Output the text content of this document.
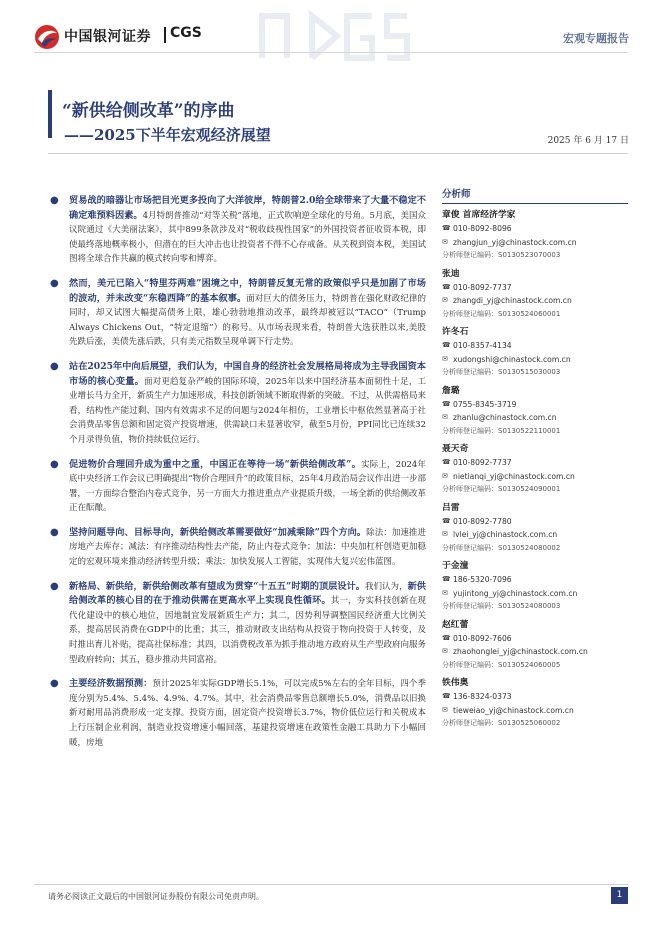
中国银河证券 CGS	宏观专题报告
“新供给侧改革”的序曲
——2025下半年宏观经济展望	2025 年 6 月 17 日
● 贸易战的暗器让市场把目光更多投向了大洋彼岸，特朗普2.0给全球带来了大量不稳定不确定难预料因素。4月特朗普推动“对等关税”落地，正式吹响逆全球化的号角。5月底，美国众议院通过《大美丽法案》，其中899条款涉及对“税收歧视性国家”的外国投资者征收资本税，即使最终落地概率极小，但潜在的巨大冲击也让投资者不得不心存戒备。从关税到资本税，美国试图将全球合作共赢的模式转向零和博弈。
● 然而，美元已陷入“特里芬两难”困境之中，特朗普反复无常的政策似乎只是加剧了市场的波动，并未改变“东稳西降”的基本叙事。面对巨大的债务压力，特朗普在强化财政纪律的同时，却又试图大幅提高债务上限，雄心勃勃地推动改革，最终却被冠以“TACO”（Trump Always Chickens Out，“特定退缩”）的称号。从市场表现来看，特朗普大选获胜以来,美股先跌后涨，美债先涨后跌，只有美元指数呈现单调下行走势。
● 站在2025年中向后展望，我们认为，中国自身的经济社会发展格局将成为主导我国资本市场的核心变量。面对更趋复杂严峻的国际环境，2025年以来中国经济基本面韧性十足，工业增长马力全开，新质生产力加速形成，科技创新领域不断取得新的突破。不过，从供需格局来看，结构性产能过剩、国内有效需求不足的问题与2024年相仿，工业增长中枢依然显著高于社会消费品零售总额和固定资产投资增速，供需缺口未显著收窄，截至5月份，PPI同比已连续32个月录得负值，物价持续低位运行。
● 促进物价合理回升成为重中之重，中国正在等待一场“新供给侧改革”。实际上，2024年底中央经济工作会议已明确提出“物价合理回升”的政策目标，25年4月政治局会议作出进一步部署，一方面综合整治内卷式竞争，另一方面大力推进重点产业提质升级，一场全新的供给侧改革正在酝酿。
● 坚持问题导向、目标导向，新供给侧改革需要做好“加减乘除”四个方向。除法：加速推进房地产去库存；减法：有序推动结构性去产能，防止内卷式竞争；加法：中央加杠杆创造更加稳定的宏观环境来推动经济转型升级；乘法：加快发展人工智能，实现伟大复兴宏伟蓝图。
● 新格局、新供给，新供给侧改革有望成为贯穿“十五五”时期的顶层设计。我们认为，新供给侧改革的核心目的在于推动供需在更高水平上实现良性循环。其一，夯实科技创新在现代化建设中的核心地位，因地制宜发展新质生产力；其二，因势利导调整国民经济重大比例关系，提高居民消费在GDP中的比重；其三，推动财政支出结构从投资于物向投资于人转变，及时推出育儿补贴，提高社保标准；其四，以消费税改革为抓手推动地方政府从生产型政府向服务型政府转向；其五，稳步推动共同富裕。
● 主要经济数据预测：预计2025年实际GDP增长5.1%，可以完成5%左右的全年目标，四个季度分别为5.4%、5.4%、4.9%、4.7%。其中，社会消费品零售总额增长5.0%，消费品以旧换新对耐用品消费形成一定支撑。投资方面，固定资产投资增长3.7%，物价低位运行和关税成本上行压制企业利润，制造业投资增速小幅回落，基建投资增速在政策性金融工具助力下小幅回暖，房地
分析师
章俊 首席经济学家
☎ 010-8092-8096
✉ zhangjun_yj@chinastock.com.cn
分析师登记编码： S0130523070003
张迪
☎ 010-8092-7737
✉ zhangdi_yj@chinastock.com.cn
分析师登记编码： S0130524060001
许冬石
☎ 010-8357-4134
✉ xudongshi@chinastock.com.cn
分析师登记编码： S0130515030003
詹璐
☎ 0755-8345-3719
✉ zhanlu@chinastock.com.cn
分析师登记编码： S0130522110001
聂天奇
☎ 010-8092-7737
✉ nietianqi_yj@chinastock.com.cn
分析师登记编码： S0130524090001
吕雷
☎ 010-8092-7780
✉ lvlei_yj@chinastock.com.cn
分析师登记编码： S0130524080002
于金潼
☎ 186-5320-7096
✉ yujintong_yj@chinastock.com.cn
分析师登记编码： S0130524080003
赵红蕾
☎ 010-8092-7606
✉ zhaohonglei_yj@chinastock.com.cn
分析师登记编码： S0130524060005
铁伟奥
☎ 136-8324-0373
✉ tieweiao_yj@chinastock.com.cn
分析师登记编码： S0130525060002
请务必阅读正文最后的中国银河证券股份有限公司免责声明。	1
